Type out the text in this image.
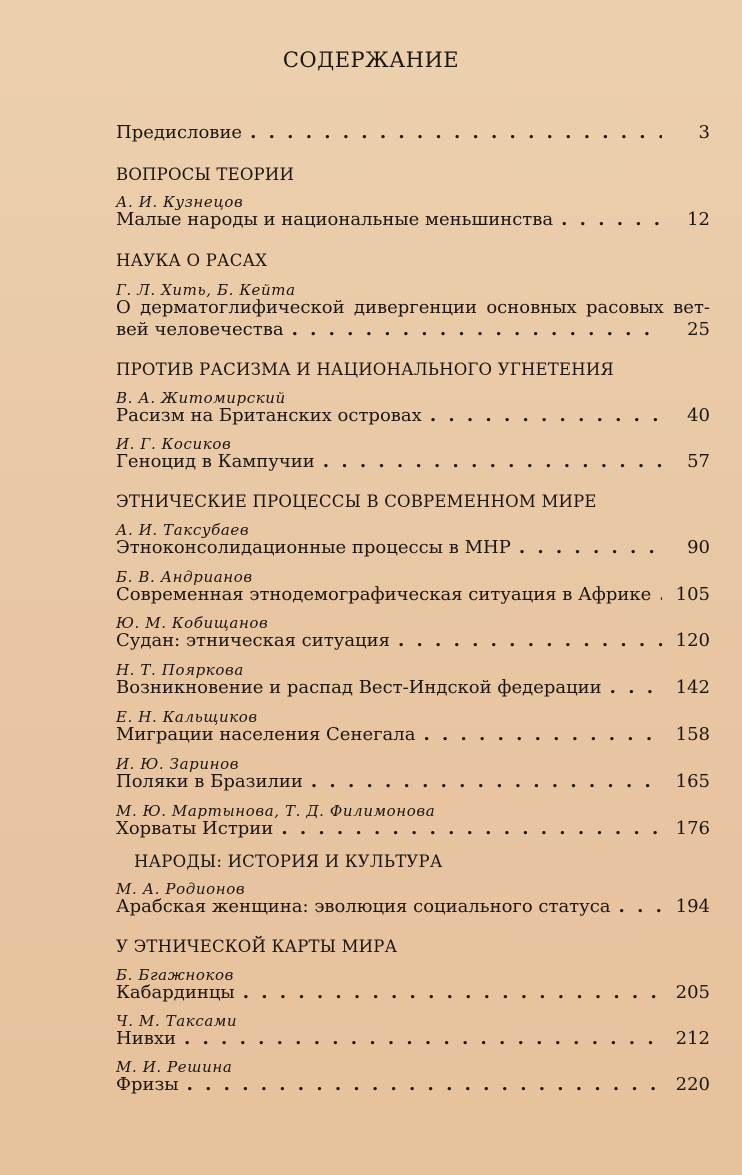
СОДЕРЖАНИЕ
Предисловие . . .	3
ВОПРОСЫ ТЕОРИИ
А. И. Кузнецов
Малые народы и национальные меньшинства . . .	12
НАУКА О РАСАХ
Г. Л. Хить, Б. Кейта
О дерматоглифической дивергенции основных расовых вет-
вей человечества . . .	25
ПРОТИВ РАСИЗМА И НАЦИОНАЛЬНОГО УГНЕТЕНИЯ
В. А. Житомирский
Расизм на Британских островах . . .	40
И. Г. Косиков
Геноцид в Кампучии . . .	57
ЭТНИЧЕСКИЕ ПРОЦЕССЫ В СОВРЕМЕННОМ МИРЕ
А. И. Таксубаев
Этноконсолидационные процессы в МНР . . .	90
Б. В. Андрианов
Современная этнодемографическая ситуация в Африке . . . 105
Ю. М. Кобищанов
Судан: этническая ситуация . . .	120
Н. Т. Пояркова
Возникновение и распад Вест-Индской федерации . . .	142
Е. Н. Кальщиков
Миграции населения Сенегала . . .	158
И. Ю. Заринов
Поляки в Бразилии . . .	165
М. Ю. Мартынова, Т. Д. Филимонова
Хорваты Истрии . . .	176
НАРОДЫ: ИСТОРИЯ И КУЛЬТУРА
М. А. Родионов
Арабская женщина: эволюция социального статуса . . .	194
У ЭТНИЧЕСКОЙ КАРТЫ МИРА
Б. Бгажноков
Кабардинцы . . .	205
Ч. М. Таксами
Нивхи . . .	212
М. И. Решина
Фризы . . .	220
